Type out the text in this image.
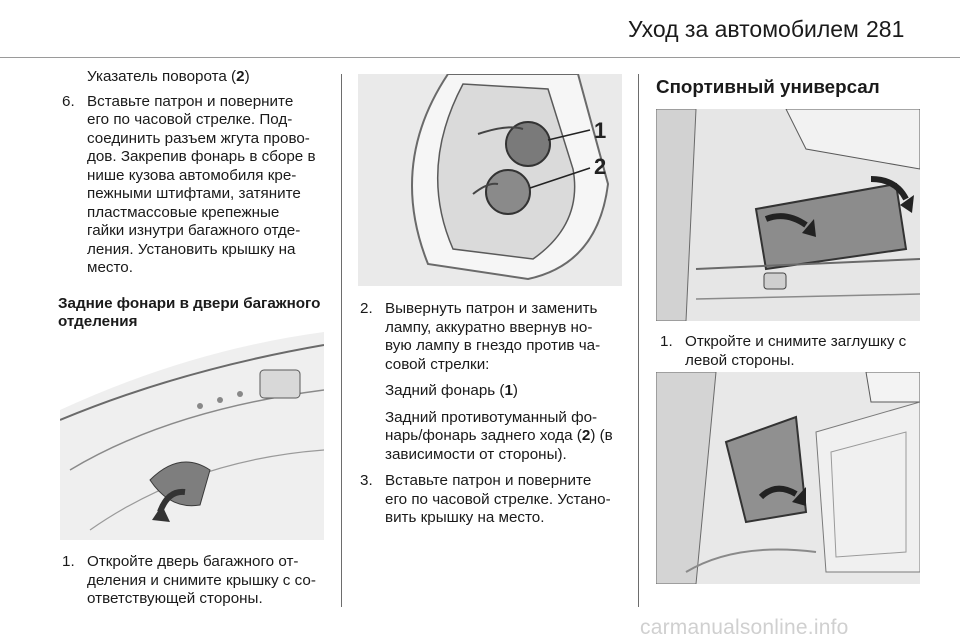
Уход за автомобилем 281

Указатель поворота (2)

6. Вставьте патрон и поверните
его по часовой стрелке. Под-
соединить разъем жгута прово-
дов. Закрепив фонарь в сборе в
нише кузова автомобиля кре-
пежными штифтами, затяните
пластмассовые крепежные
гайки изнутри багажного отде-
ления. Установить крышку на
место.
Задние фонари в двери багажного
отделения
1. Откройте дверь багажного от-
деления и снимите крышку с со-
ответствующей стороны.
1
2
2. Вывернуть патрон и заменить
лампу, аккуратно ввернув но-
вую лампу в гнездо против ча-
совой стрелки:

Задний фонарь (1)

Задний противотуманный фо-
нарь/фонарь заднего хода (2) (в
зависимости от стороны).
3. Вставьте патрон и поверните
его по часовой стрелке. Устано-
вить крышку на место.
Спортивный универсал
1. Откройте и снимите заглушку с
левой стороны.
carmanualsonline.info
